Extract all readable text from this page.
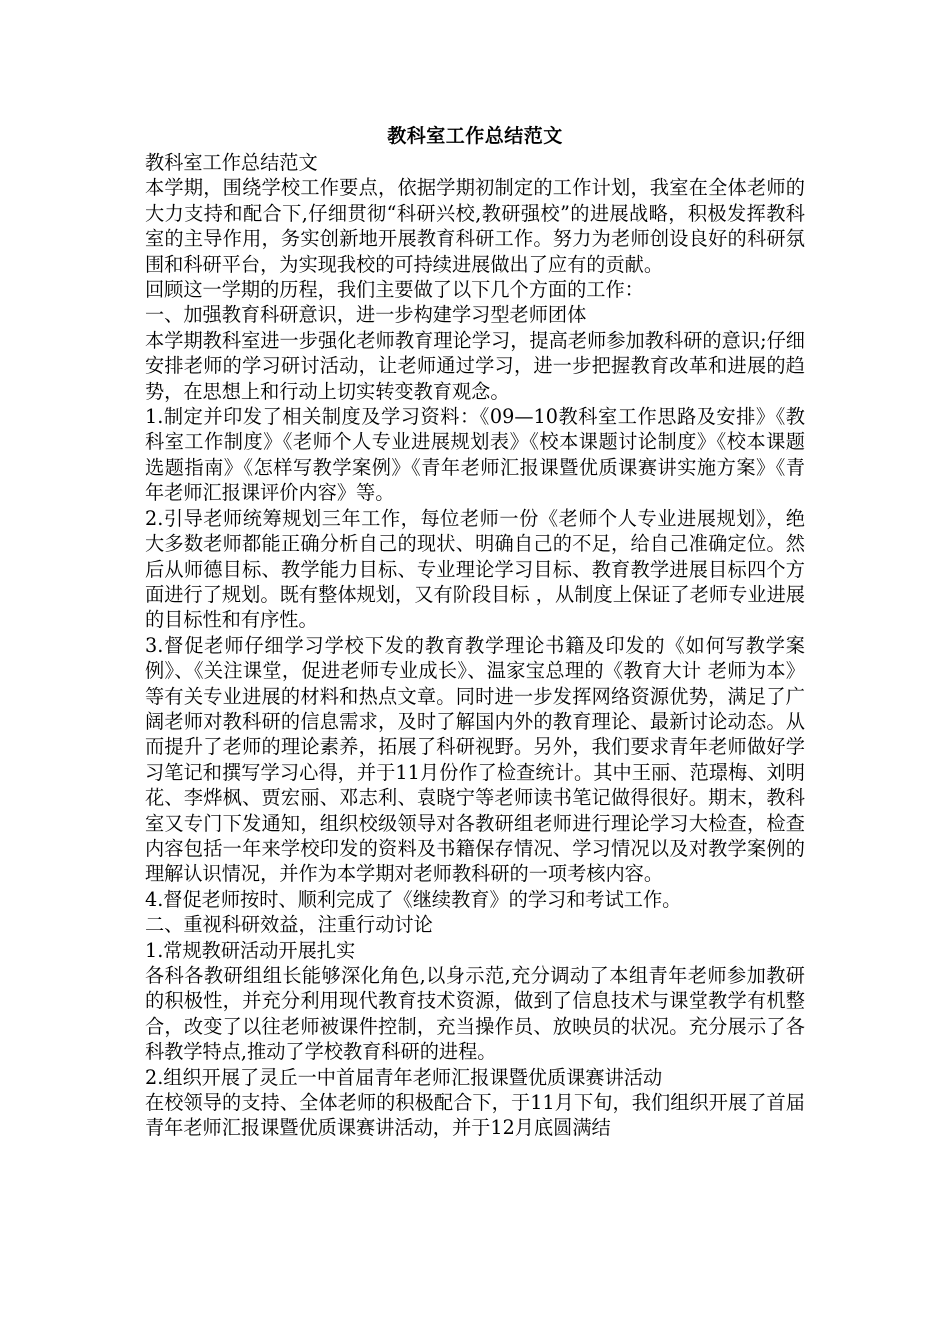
教科室工作总结范文

教科室工作总结范文

本学期，围绕学校工作要点，依据学期初制定的工作计划，我室在全体老师的大力支持和配合下,仔细贯彻“科研兴校,教研强校”的进展战略，积极发挥教科室的主导作用，务实创新地开展教育科研工作。努力为老师创设良好的科研氛围和科研平台，为实现我校的可持续进展做出了应有的贡献。

回顾这一学期的历程，我们主要做了以下几个方面的工作：

一、加强教育科研意识，进一步构建学习型老师团体

本学期教科室进一步强化老师教育理论学习，提高老师参加教科研的意识;仔细安排老师的学习研讨活动，让老师通过学习，进一步把握教育改革和进展的趋势，在思想上和行动上切实转变教育观念。

1.制定并印发了相关制度及学习资料：《09—10教科室工作思路及安排》《教科室工作制度》《老师个人专业进展规划表》《校本课题讨论制度》《校本课题选题指南》《怎样写教学案例》《青年老师汇报课暨优质课赛讲实施方案》《青年老师汇报课评价内容》等。

2.引导老师统筹规划三年工作，每位老师一份《老师个人专业进展规划》，绝大多数老师都能正确分析自己的现状、明确自己的不足，给自己准确定位。然后从师德目标、教学能力目标、专业理论学习目标、教育教学进展目标四个方面进行了规划。既有整体规划，又有阶段目标 ，从制度上保证了老师专业进展的目标性和有序性。

3.督促老师仔细学习学校下发的教育教学理论书籍及印发的《如何写教学案例》、《关注课堂，促进老师专业成长》、温家宝总理的《教育大计 老师为本》等有关专业进展的材料和热点文章。同时进一步发挥网络资源优势，满足了广阔老师对教科研的信息需求，及时了解国内外的教育理论、最新讨论动态。从而提升了老师的理论素养，拓展了科研视野。另外，我们要求青年老师做好学习笔记和撰写学习心得，并于11月份作了检查统计。其中王丽、范璟梅、刘明花、李烨枫、贾宏丽、邓志利、袁晓宁等老师读书笔记做得很好。期末，教科室又专门下发通知，组织校级领导对各教研组老师进行理论学习大检查，检查内容包括一年来学校印发的资料及书籍保存情况、学习情况以及对教学案例的理解认识情况，并作为本学期对老师教科研的一项考核内容。

4.督促老师按时、顺利完成了《继续教育》的学习和考试工作。

二、重视科研效益，注重行动讨论

1.常规教研活动开展扎实

各科各教研组组长能够深化角色,以身示范,充分调动了本组青年老师参加教研的积极性，并充分利用现代教育技术资源，做到了信息技术与课堂教学有机整合，改变了以往老师被课件控制，充当操作员、放映员的状况。充分展示了各科教学特点,推动了学校教育科研的进程。

2.组织开展了灵丘一中首届青年老师汇报课暨优质课赛讲活动

在校领导的支持、全体老师的积极配合下，于11月下旬，我们组织开展了首届青年老师汇报课暨优质课赛讲活动，并于12月底圆满结
